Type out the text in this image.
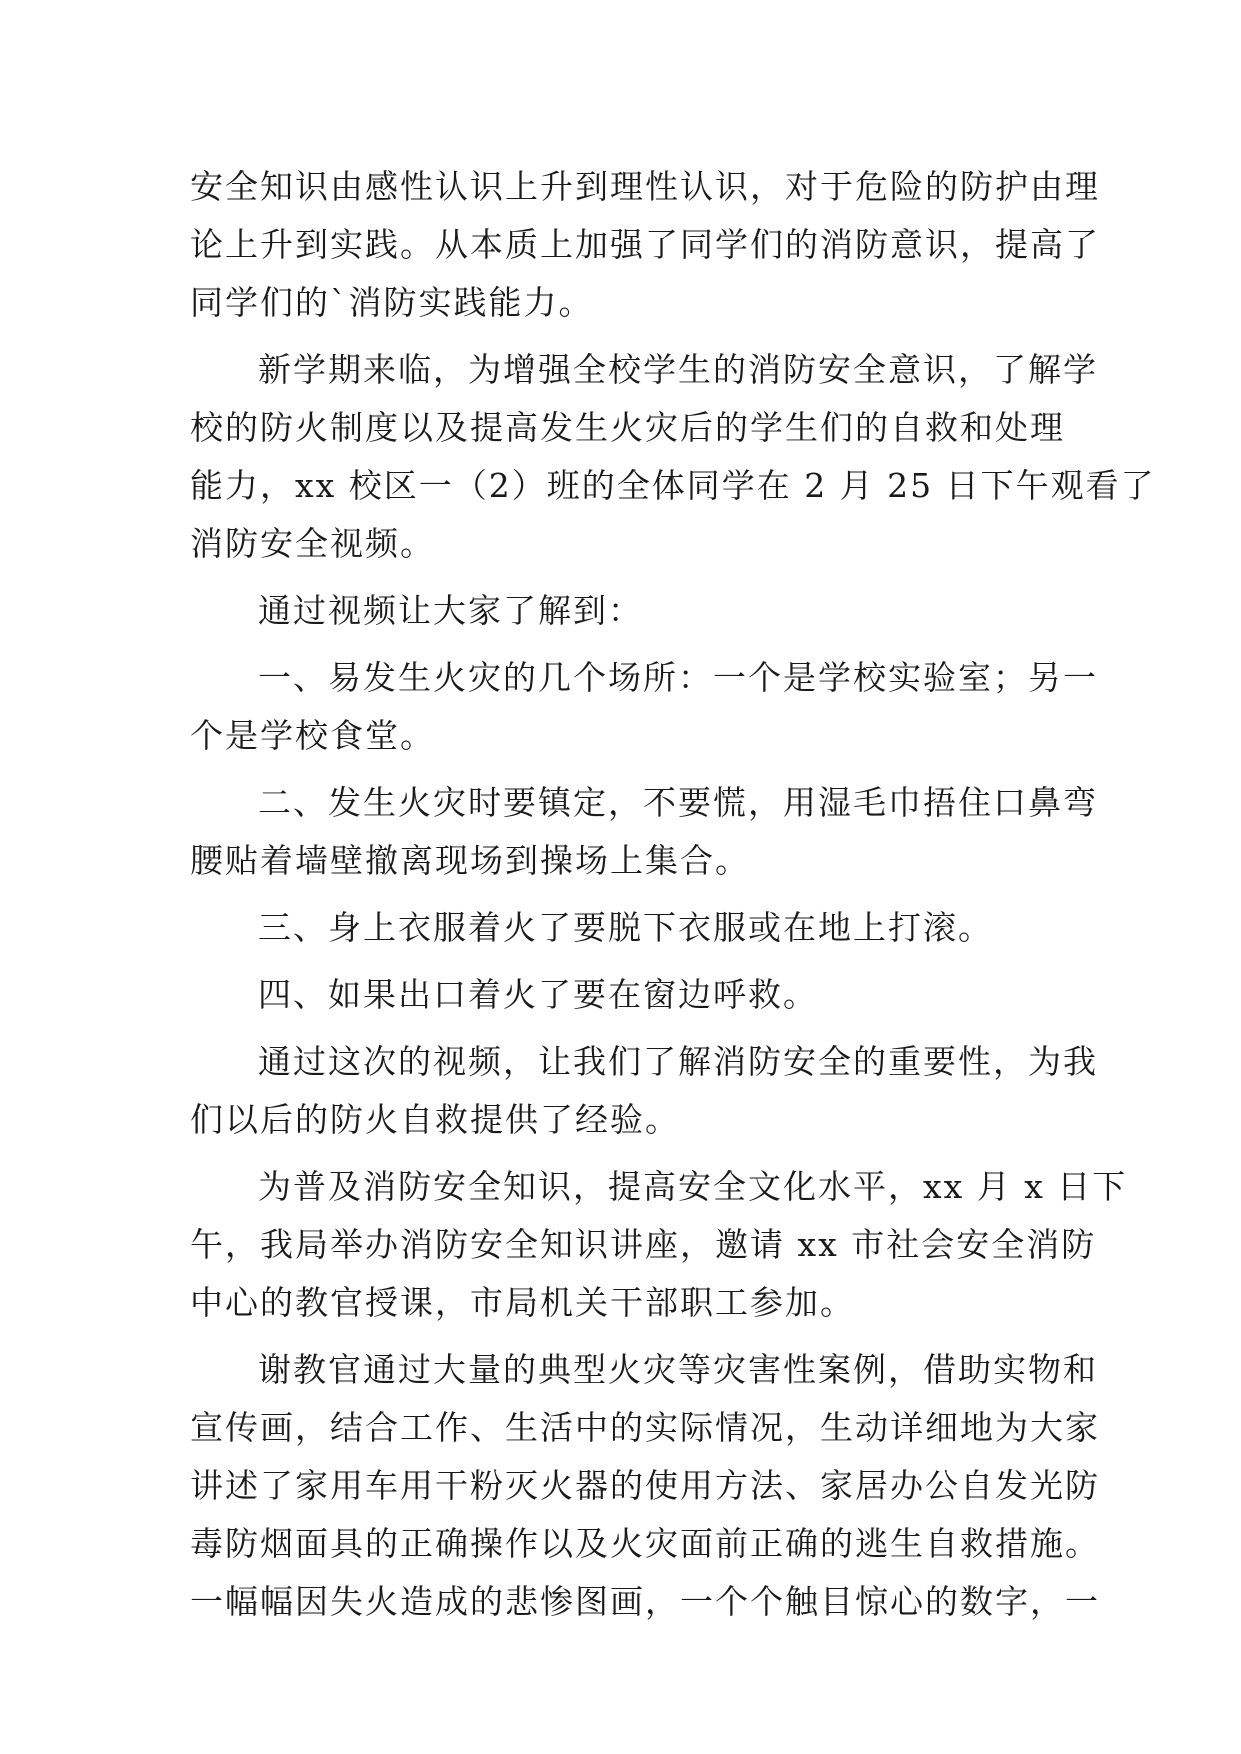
安全知识由感性认识上升到理性认识，对于危险的防护由理
论上升到实践。从本质上加强了同学们的消防意识，提高了
同学们的`消防实践能力。
新学期来临，为增强全校学生的消防安全意识，了解学
校的防火制度以及提高发生火灾后的学生们的自救和处理
能力，xx 校区一（2）班的全体同学在 2 月 25 日下午观看了
消防安全视频。
通过视频让大家了解到：
一、易发生火灾的几个场所：一个是学校实验室；另一
个是学校食堂。
二、发生火灾时要镇定，不要慌，用湿毛巾捂住口鼻弯
腰贴着墙壁撤离现场到操场上集合。
三、身上衣服着火了要脱下衣服或在地上打滚。
四、如果出口着火了要在窗边呼救。
通过这次的视频，让我们了解消防安全的重要性，为我
们以后的防火自救提供了经验。
为普及消防安全知识，提高安全文化水平，xx 月 x 日下
午，我局举办消防安全知识讲座，邀请 xx 市社会安全消防
中心的教官授课，市局机关干部职工参加。
谢教官通过大量的典型火灾等灾害性案例，借助实物和
宣传画，结合工作、生活中的实际情况，生动详细地为大家
讲述了家用车用干粉灭火器的使用方法、家居办公自发光防
毒防烟面具的正确操作以及火灾面前正确的逃生自救措施。
一幅幅因失火造成的悲惨图画，一个个触目惊心的数字，一
